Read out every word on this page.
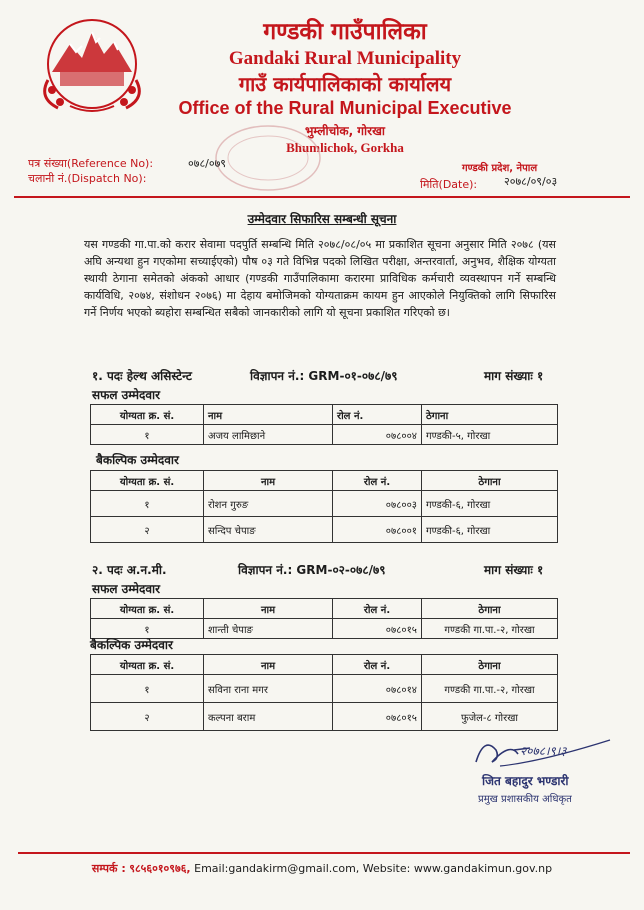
गण्डकी गाउँपालिका
Gandaki Rural Municipality
गाउँ कार्यपालिकाको कार्यालय
Office of the Rural Municipal Executive
भुम्लीचोक, गोरखा
Bhumlichok, Gorkha
पत्र संख्या(Reference No):	०७८/०७९
चलानी नं.(Dispatch No):
गण्डकी प्रदेश, नेपाल
मिति(Date): २०७८/०९/०३
उम्मेदवार सिफारिस सम्बन्धी सूचना
यस गण्डकी गा.पा.को करार सेवामा पदपुर्ति सम्बन्धि मिति २०७८/०८/०५ मा प्रकाशित सूचना अनुसार मिति २०७८ (यस अघि अन्यथा हुन गएकोमा सच्याईएको) पौष ०३ गते विभिन्न पदको लिखित परीक्षा, अन्तरवार्ता, अनुभव, शैक्षिक योग्यता स्थायी ठेगाना समेतको अंकको आधार (गण्डकी गाउँपालिकामा करारमा प्राविधिक कर्मचारी व्यवस्थापन गर्ने सम्बन्धि कार्यविधि, २०७४, संशोधन २०७६) मा देहाय बमोजिमको योग्यताक्रम कायम हुन आएकोले नियुक्तिको लागि सिफारिस गर्ने निर्णय भएको ब्यहोरा सम्बन्धित सबैको जानकारीको लागि यो सूचना प्रकाशित गरिएको छ।
१. पदः हेल्थ असिस्टेन्ट	विज्ञापन नं.: GRM-०१-०७८/७९	माग संख्याः १
सफल उम्मेदवार
योग्यता क्र. सं.	नाम	रोल नं.	ठेगाना
१	अजय लामिछाने	०७८००४	गण्डकी-५, गोरखा
बैकल्पिक उम्मेदवार
योग्यता क्र. सं.	नाम	रोल नं.	ठेगाना
१	रोशन गुरुङ	०७८००३	गण्डकी-६, गोरखा
२	सन्दिप चेपाङ	०७८००१	गण्डकी-६, गोरखा
२. पदः अ.न.मी.	विज्ञापन नं.: GRM-०२-०७८/७९	माग संख्याः १
सफल उम्मेदवार
योग्यता क्र. सं.	नाम	रोल नं.	ठेगाना
१	शान्ती चेपाङ	०७८०१५	गण्डकी गा.पा.-२, गोरखा
बैकल्पिक उम्मेदवार
योग्यता क्र. सं.	नाम	रोल नं.	ठेगाना
१	सविना राना मगर	०७८०१४	गण्डकी गा.पा.-२, गोरखा
२	कल्पना बराम	०७८०१५	फुजेल-८ गोरखा
२०७८।९।३
जित बहादुर भण्डारी
प्रमुख प्रशासकीय अधिकृत
सम्पर्क : ९८५६०१०९७६, Email:gandakirm@gmail.com, Website: www.gandakimun.gov.np
